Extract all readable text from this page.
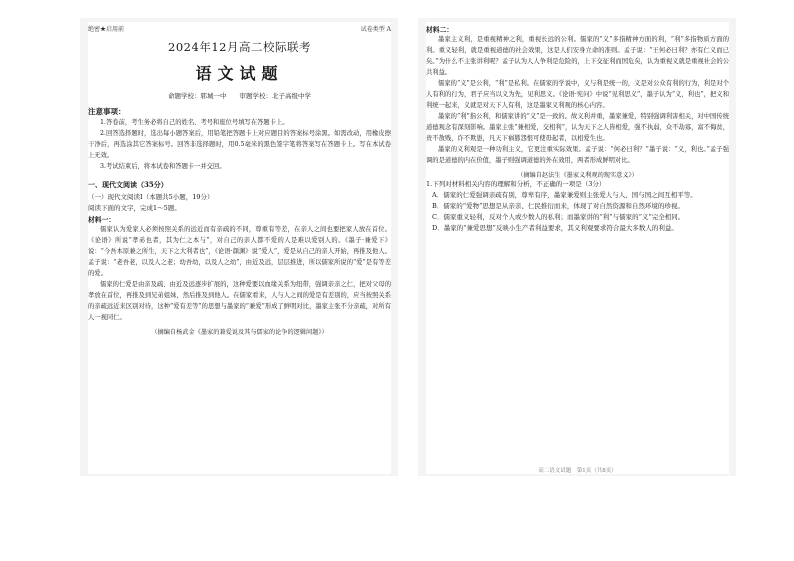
绝密★启用前	试卷类型 A
2024年12月高二校际联考
语文试题
命题学校：郓城一中　　审题学校：北子高级中学
注意事项：

1.答卷前，考生务必将自己的姓名、考号和座位号填写在答题卡上。

2.回答选择题时，选出每小题答案后，用铅笔把答题卡上对应题目的答案标号涂黑。如需改动，用橡皮擦干净后，再选涂其它答案标号。回答非选择题时，用0.5毫米的黑色签字笔将答案写在答题卡上。写在本试卷上无效。

3.考试结束后，将本试卷和答题卡一并交回。

一、现代文阅读（35分）
（一）现代文阅读Ⅰ（本题共5小题，19分）
阅读下面的文字，完成1～5题。
材料一：

儒家认为爱家人必须按照关系的远近而有亲疏的不同，尊重有等差，在亲人之间也要把家人放在首位。《论语》所说“孝弟也者，其为仁之本与”，对自己的亲人都不爱的人是难以爱别人的。《墨子·兼爱下》说：“今吾本原兼之所生，天下之大利者也”，《论语·颜渊》说“爱人”，爱是从自己的亲人开始，再推及他人。孟子说：“老吾老，以及人之老；幼吾幼，以及人之幼”，由近及远，层层推进，所以儒家所说的“爱”是有等差的爱。

儒家的仁爱是由亲及疏、由近及远逐步扩展的，这种爱要以血缘关系为纽带，强调亲亲之仁，把对父母的孝放在首位，再推及到兄弟姐妹，然后推及到他人。在儒家看来，人与人之间的爱是有差别的，应当按照关系的亲疏远近来区别对待，这种“爱有差等”的思想与墨家的“兼爱”形成了鲜明对比，墨家主张不分亲疏，对所有人一视同仁。

（摘编自杨武金《墨家的兼爱说及其与儒家的论争的逻辑问题》）
材料二：

墨家主义利，是重视精神之利，重视长远的公利。儒家的“义”多指精神方面的利，“利”多指物质方面的利。重义轻利，就是重视道德的社会效果，这是人们安身立命的准则。孟子说：“王何必曰利？亦有仁义而已矣。”为什么不主张讲利呢？孟子认为人人争利是危险的，上下交征利而国危矣，认为重视义就是重视社会的公共利益。

儒家的“义”是公利，“利”是私利。在儒家的学说中，义与利是统一的，义是对公众有利的行为，利是对个人有利的行为，君子应当以义为先，见利思义。《论语·宪问》中说“见利思义”，墨子认为“义，利也”，把义和利统一起来，义就是对天下人有利，这是墨家义利观的核心内容。

墨家的“利”指公利，和儒家讲的“义”是一致的。故义利并重，墨家兼爱，特别强调利害相关，对中国传统道德观念有深刻影响。墨家主张“兼相爱，交相利”，认为天下之人皆相爱，强不执弱，众不劫寡，富不侮贫，贵不敖贱，诈不欺愚，凡天下祸篡怨恨可使毋起者，以相爱生也。

墨家的义利观是一种功利主义，它更注重实际效果。孟子说：“何必曰利？”墨子说：“义，利也。”孟子强调的是道德的内在价值，墨子则强调道德的外在效用，两者形成鲜明对比。

（摘编自赵法生《墨家义利观的现实意义》）

1.下列对材料相关内容的理解和分析，不正确的一项是（3分）

A．儒家的仁爱强调亲疏有别，尊卑有序，墨家兼爱则主张爱人与人、国与国之间互相平等。

B．儒家的“爱物”思想是从亲亲、仁民推衍而来，体现了对自然资源和自然环境的珍视。

C．儒家重义轻利，反对个人或少数人的私利；而墨家讲的“利”与儒家的“义”完全相同。

D．墨家的“兼爱思想”反映小生产者利益要求，其义利观要求符合最大多数人的利益。

高二语文试题　第1页（共8页）
